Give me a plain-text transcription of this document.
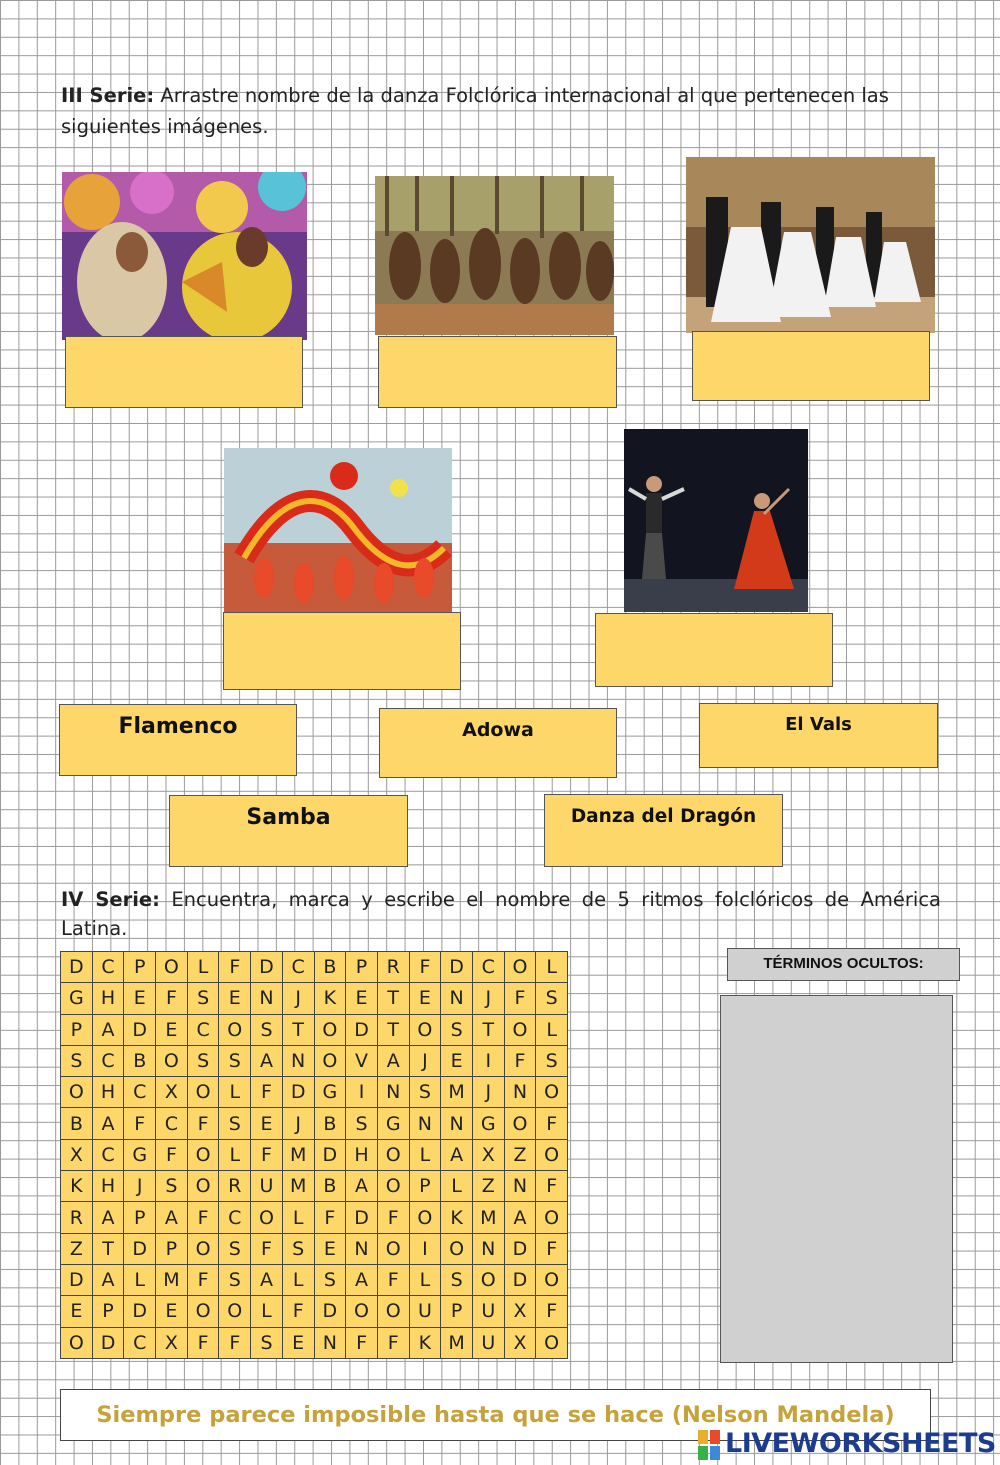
III Serie: Arrastre nombre de la danza Folclórica internacional al que pertenecen las siguientes imágenes.
Flamenco	Adowa	El Vals
Samba	Danza del Dragón
IV Serie: Encuentra, marca y escribe el nombre de 5 ritmos folclóricos de América Latina.
D	C	P	O	L	F	D	C	B	P	R	F	D	C	O	L
G	H	E	F	S	E	N	J	K	E	T	E	N	J	F	S
P	A	D	E	C	O	S	T	O	D	T	O	S	T	O	L
S	C	B	O	S	S	A	N	O	V	A	J	E	I	F	S
O	H	C	X	O	L	F	D	G	I	N	S	M	J	N	O
B	A	F	C	F	S	E	J	B	S	G	N	N	G	O	F
X	C	G	F	O	L	F	M	D	H	O	L	A	X	Z	O
K	H	J	S	O	R	U	M	B	A	O	P	L	Z	N	F
R	A	P	A	F	C	O	L	F	D	F	O	K	M	A	O
Z	T	D	P	O	S	F	S	E	N	O	I	O	N	D	F
D	A	L	M	F	S	A	L	S	A	F	L	S	O	D	O
E	P	D	E	O	O	L	F	D	O	O	U	P	U	X	F
O	D	C	X	F	F	S	E	N	F	F	K	M	U	X	O
TÉRMINOS OCULTOS:
Siempre parece imposible hasta que se hace (Nelson Mandela)
LIVEWORKSHEETS
